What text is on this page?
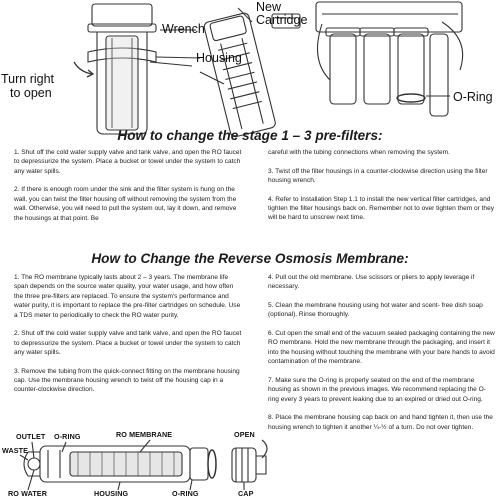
Wrench
New
Cartridge
Housing
Turn right
to open	O-Ring
How to change the stage 1 – 3 pre-filters:

1. Shut off the cold water supply valve and tank valve, and open the RO faucet to depressurize the system. Place a bucket or towel under the system to catch any water spills.

2. If there is enough room under the sink and the filter system is hung on the wall, you can twist the filter housing off without removing the system from the wall. Otherwise, you will need to pull the system out, lay it down, and remove the housings at that point. Be

careful with the tubing connections when removing the system.

3. Twist off the filter housings in a counter-clockwise direction using the filter housing wrench.

4. Refer to Installation Step 1.1 to install the new vertical filter cartridges, and tighten the filter housings back on. Remember not to over tighten them or they will be hard to unscrew next time.

How to Change the Reverse Osmosis Membrane:

1. The RO membrane typically lasts about 2 – 3 years. The membrane life span depends on the source water quality, your water usage, and how often the three pre-filters are replaced. To ensure the system's performance and water purity, it is important to replace the pre-filter cartridges on schedule. Use a TDS meter to periodically to check the RO water purity.

2. Shut off the cold water supply valve and tank valve, and open the RO faucet to depressurize the system. Place a bucket or towel under the system to catch any water spills.

3. Remove the tubing from the quick-connect fitting on the membrane housing cap. Use the membrane housing wrench to twist off the housing cap in a counter-clockwise direction.

4. Pull out the old membrane. Use scissors or pliers to apply leverage if necessary.

5. Clean the membrane housing using hot water and scent- free dish soap (optional). Rinse thoroughly.

6. Cut open the small end of the vacuum sealed packaging containing the new RO membrane. Hold the new membrane through the packaging, and insert it into the housing without touching the membrane with your bare hands to avoid contamination of the membrane.

7. Make sure the O-ring is properly seated on the end of the membrane housing as shown in the previous images. We recommend replacing the O-ring every 3 years to prevent leaking due to an expired or dried out O-ring.

8. Place the membrane housing cap back on and hand tighten it, then use the housing wrench to tighten it another ¼-½ of a turn. Do not over tighten.

OUTLET O-RING	RO MEMBRANE	OPEN
WASTE
RO WATER	HOUSING	O-RING	CAP
